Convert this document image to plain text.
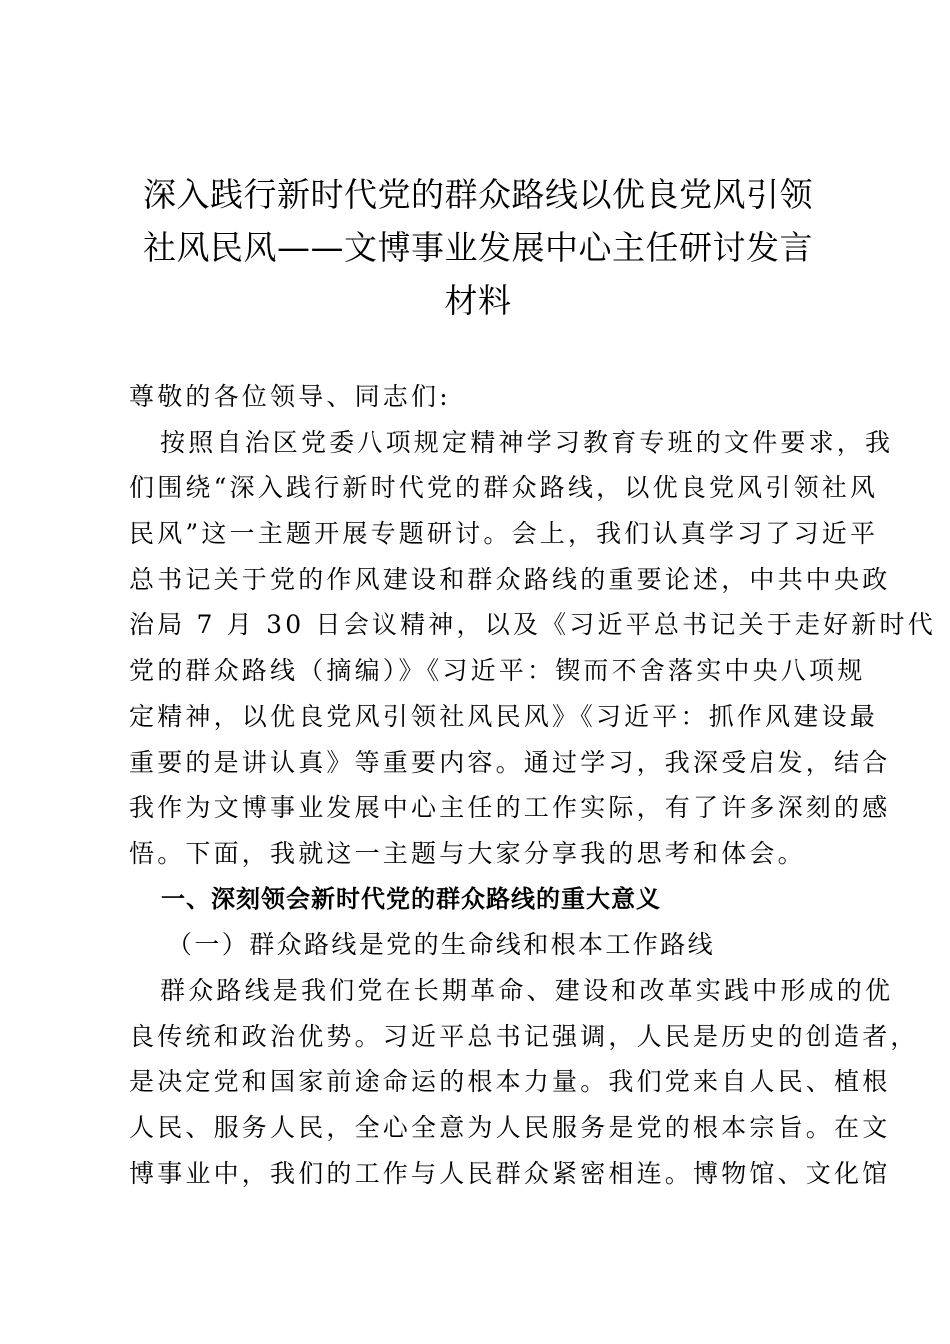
深入践行新时代党的群众路线以优良党风引领
社风民风——文博事业发展中心主任研讨发言
材料
尊敬的各位领导、同志们:
按照自治区党委八项规定精神学习教育专班的文件要求，我
们围绕“深入践行新时代党的群众路线，以优良党风引领社风
民风”这一主题开展专题研讨。会上，我们认真学习了习近平
总书记关于党的作风建设和群众路线的重要论述，中共中央政
治局 7 月 30 日会议精神，以及《习近平总书记关于走好新时代
党的群众路线（摘编）》《习近平：锲而不舍落实中央八项规
定精神，以优良党风引领社风民风》《习近平：抓作风建设最
重要的是讲认真》等重要内容。通过学习，我深受启发，结合
我作为文博事业发展中心主任的工作实际，有了许多深刻的感
悟。下面，我就这一主题与大家分享我的思考和体会。
一、深刻领会新时代党的群众路线的重大意义
（一）群众路线是党的生命线和根本工作路线
群众路线是我们党在长期革命、建设和改革实践中形成的优
良传统和政治优势。习近平总书记强调，人民是历史的创造者，
是决定党和国家前途命运的根本力量。我们党来自人民、植根
人民、服务人民，全心全意为人民服务是党的根本宗旨。在文
博事业中，我们的工作与人民群众紧密相连。博物馆、文化馆
